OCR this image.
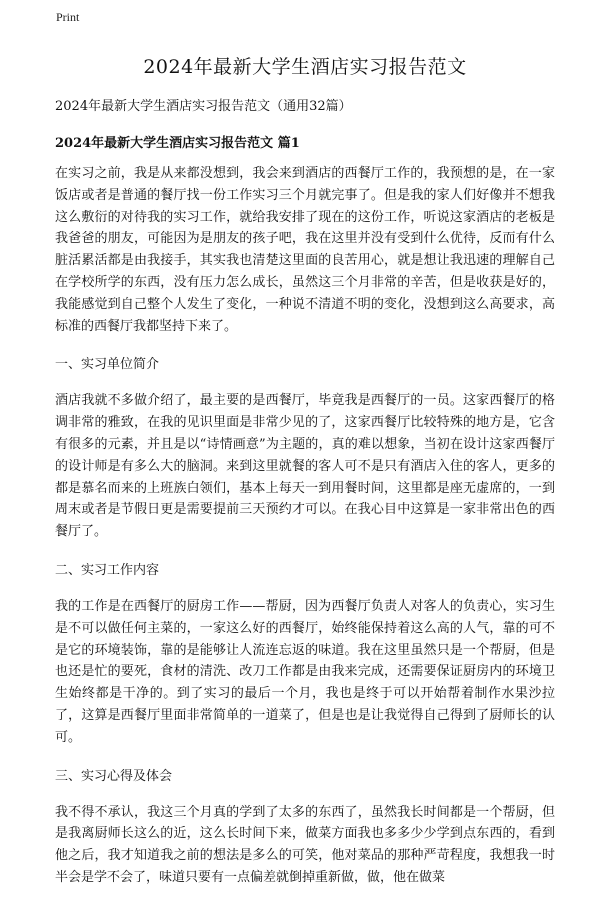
Print
2024年最新大学生酒店实习报告范文

2024年最新大学生酒店实习报告范文（通用32篇）

2024年最新大学生酒店实习报告范文 篇1

在实习之前，我是从来都没想到，我会来到酒店的西餐厅工作的，我预想的是，在一家饭店或者是普通的餐厅找一份工作实习三个月就完事了。但是我的家人们好像并不想我这么敷衍的对待我的实习工作，就给我安排了现在的这份工作，听说这家酒店的老板是我爸爸的朋友，可能因为是朋友的孩子吧，我在这里并没有受到什么优待，反而有什么脏活累活都是由我接手，其实我也清楚这里面的良苦用心，就是想让我迅速的理解自己在学校所学的东西，没有压力怎么成长，虽然这三个月非常的辛苦，但是收获是好的，我能感觉到自己整个人发生了变化，一种说不清道不明的变化，没想到这么高要求，高标准的西餐厅我都坚持下来了。

一、实习单位简介

酒店我就不多做介绍了，最主要的是西餐厅，毕竟我是西餐厅的一员。这家西餐厅的格调非常的雅致，在我的见识里面是非常少见的了，这家西餐厅比较特殊的地方是，它含有很多的元素，并且是以“诗情画意”为主题的，真的难以想象，当初在设计这家西餐厅的设计师是有多么大的脑洞。来到这里就餐的客人可不是只有酒店入住的客人，更多的都是慕名而来的上班族白领们，基本上每天一到用餐时间，这里都是座无虚席的，一到周末或者是节假日更是需要提前三天预约才可以。在我心目中这算是一家非常出色的西餐厅了。

二、实习工作内容

我的工作是在西餐厅的厨房工作——帮厨，因为西餐厅负责人对客人的负责心，实习生是不可以做任何主菜的，一家这么好的西餐厅，始终能保持着这么高的人气，靠的可不是它的环境装饰，靠的是能够让人流连忘返的味道。我在这里虽然只是一个帮厨，但是也还是忙的要死，食材的清洗、改刀工作都是由我来完成，还需要保证厨房内的环境卫生始终都是干净的。到了实习的最后一个月，我也是终于可以开始帮着制作水果沙拉了，这算是西餐厅里面非常简单的一道菜了，但是也是让我觉得自己得到了厨师长的认可。

三、实习心得及体会

我不得不承认，我这三个月真的学到了太多的东西了，虽然我长时间都是一个帮厨，但是我离厨师长这么的近，这么长时间下来，做菜方面我也多多少少学到点东西的，看到他之后，我才知道我之前的想法是多么的可笑，他对菜品的那种严苛程度，我想我一时半会是学不会了，味道只要有一点偏差就倒掉重新做，做，他在做菜
